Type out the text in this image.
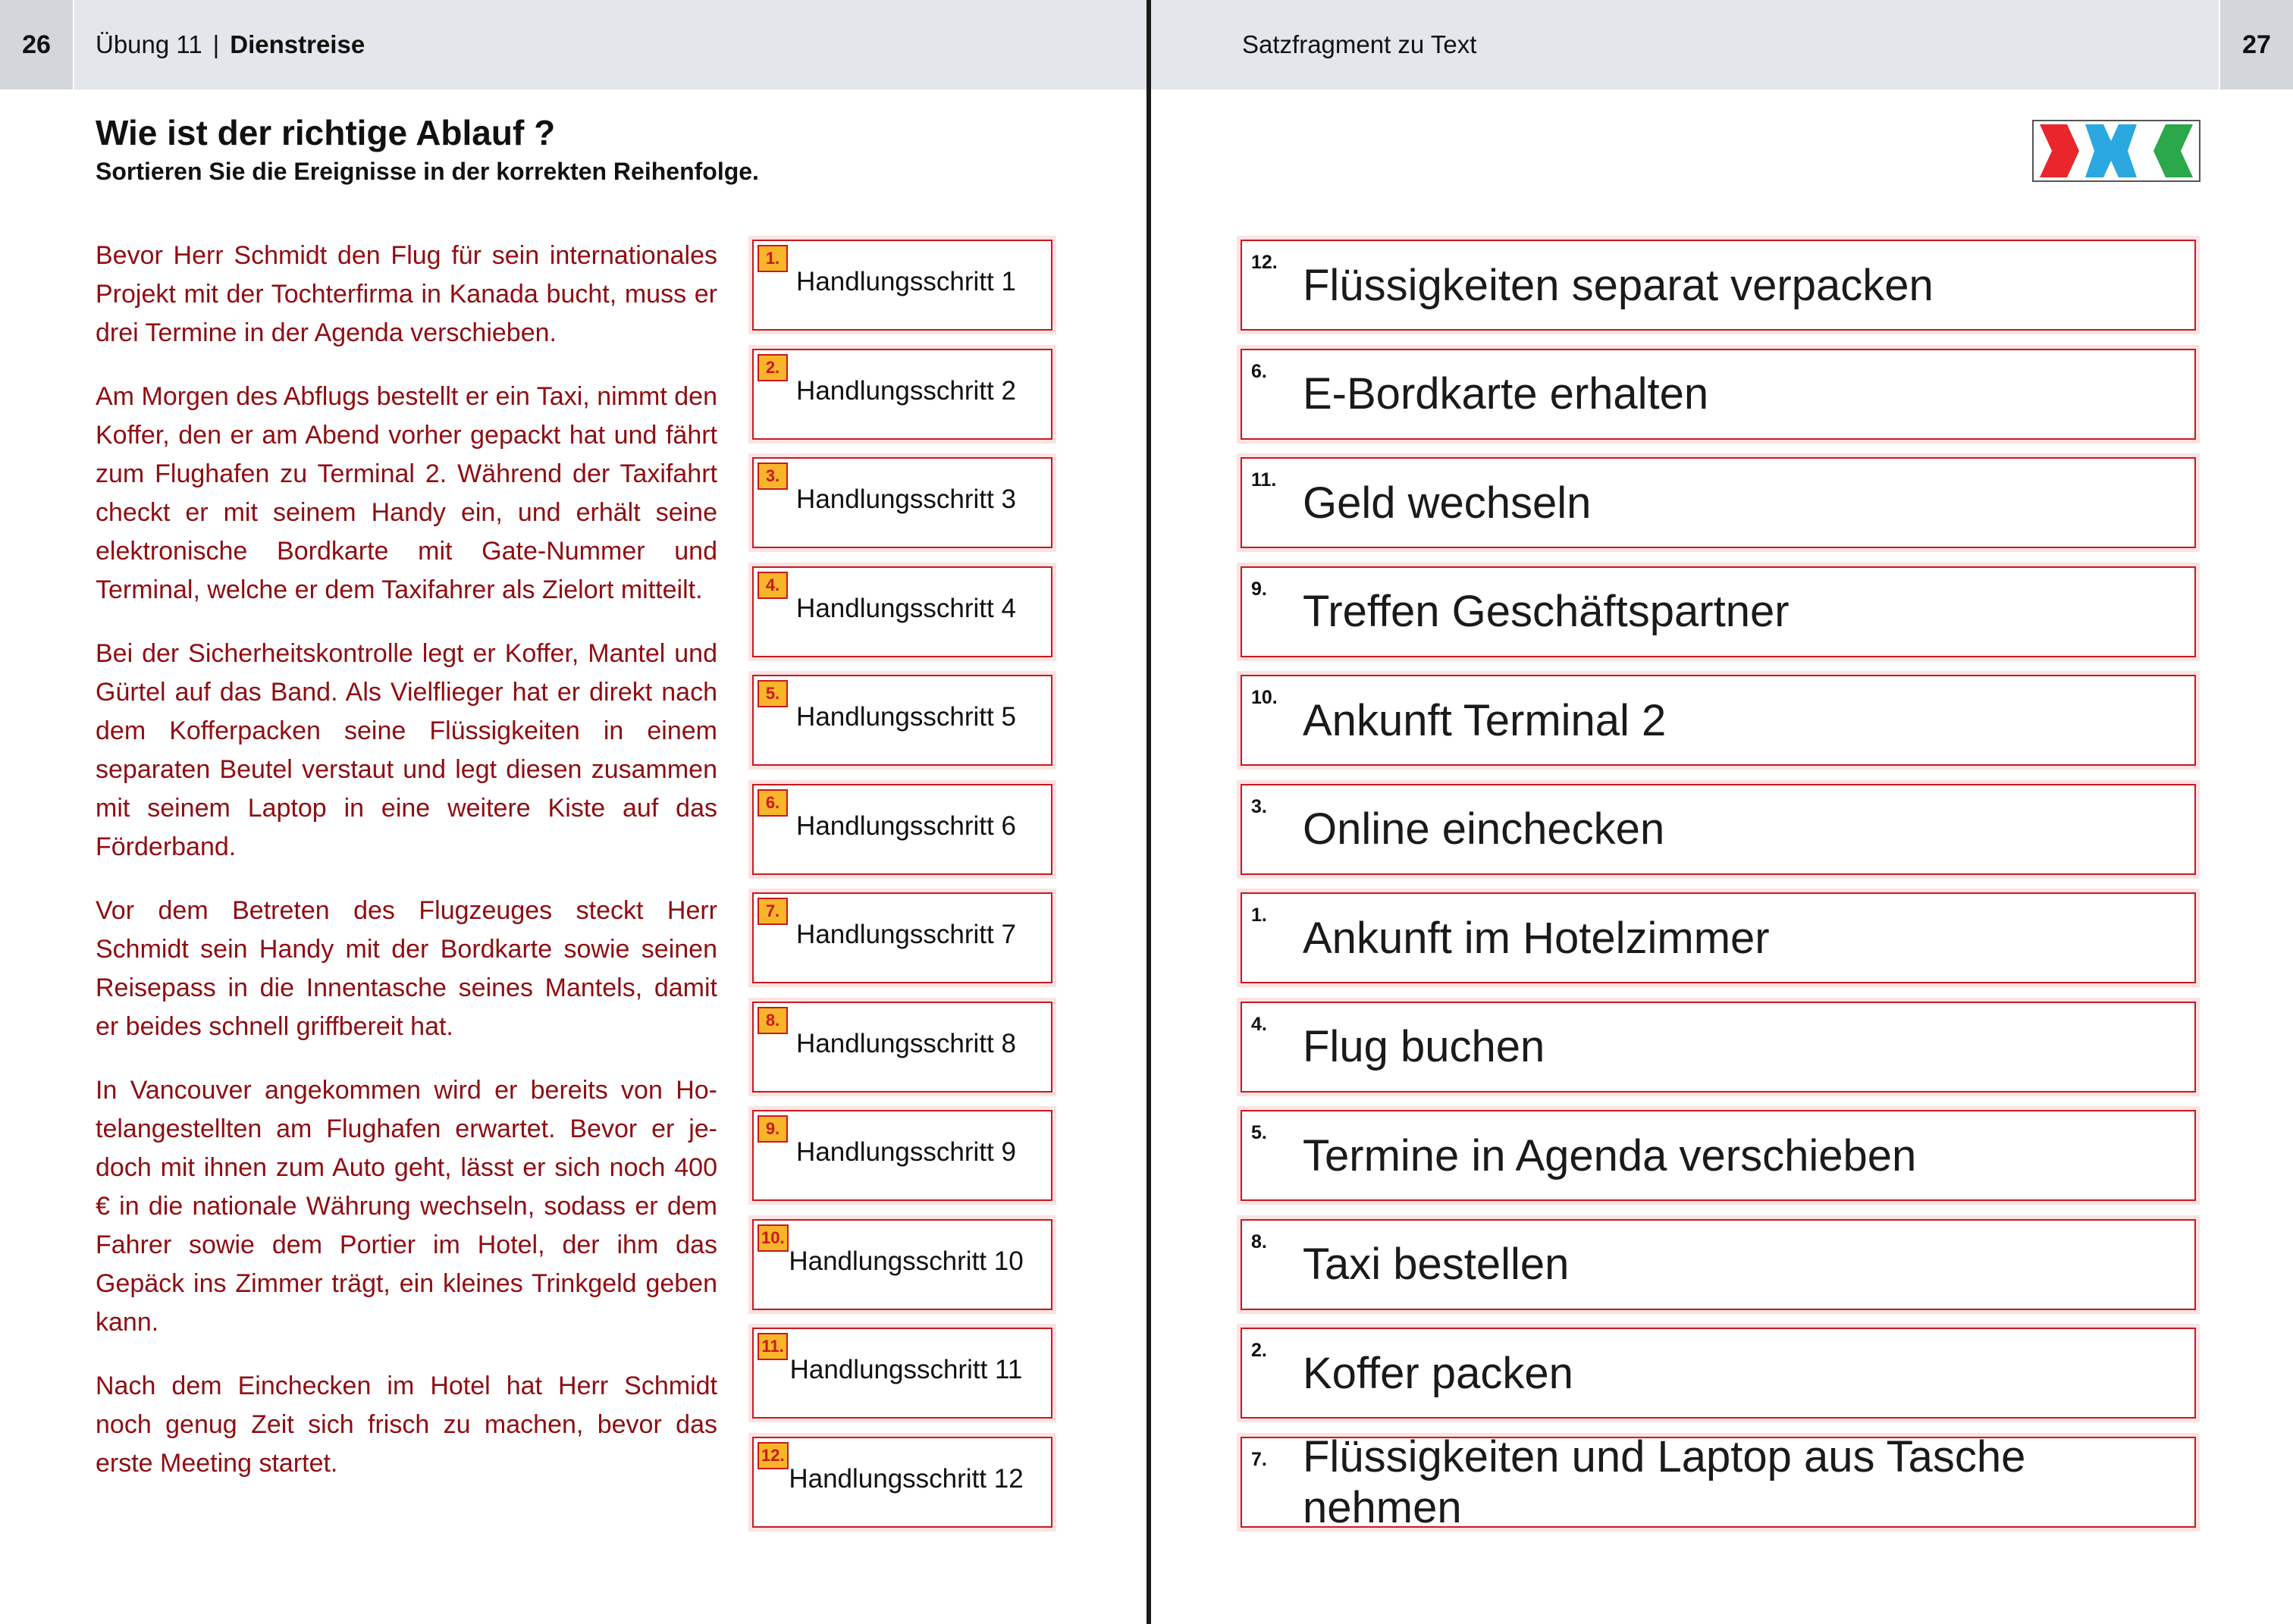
26	Übung 11 | Dienstreise
Wie ist der richtige Ablauf ?
Sortieren Sie die Ereignisse in der korrekten Reihenfolge.

Bevor Herr Schmidt den Flug für sein internationales Projekt mit der Tochterfirma in Kanada bucht, muss er drei Termine in der Agenda verschieben.

Am Morgen des Abflugs bestellt er ein Taxi, nimmt den Koffer, den er am Abend vorher gepackt hat und fährt zum Flughafen zu Terminal 2. Während der Taxifahrt checkt er mit seinem Handy ein, und erhält seine elektronische Bordkarte mit Gate-Nummer und Terminal, welche er dem Taxifahrer als Zielort mitteilt.

Bei der Sicherheitskontrolle legt er Koffer, Mantel und Gürtel auf das Band. Als Vielflieger hat er direkt nach dem Kofferpacken seine Flüssigkeiten in einem separaten Beutel verstaut und legt diesen zusammen mit seinem Laptop in eine weitere Kiste auf das Förderband.

Vor dem Betreten des Flugzeuges steckt Herr Schmidt sein Handy mit der Bordkarte sowie seinen Reisepass in die Innentasche seines Mantels, damit er beides schnell griffbereit hat.

In Vancouver angekommen wird er bereits von Hotelangestellten am Flughafen erwartet. Bevor er jedoch mit ihnen zum Auto geht, lässt er sich noch 400 € in die nationale Währung wechseln, sodass er dem Fahrer sowie dem Portier im Hotel, der ihm das Gepäck ins Zimmer trägt, ein kleines Trinkgeld geben kann.

Nach dem Einchecken im Hotel hat Herr Schmidt noch genug Zeit sich frisch zu machen, bevor das erste Meeting startet.

1.
Handlungsschritt 1
2.
Handlungsschritt 2
3.
Handlungsschritt 3
4.
Handlungsschritt 4
5.
Handlungsschritt 5
6.
Handlungsschritt 6
7.
Handlungsschritt 7
8.
Handlungsschritt 8
9.
Handlungsschritt 9
10.
Handlungsschritt 10
11.
Handlungsschritt 11
12.
Handlungsschritt 12
Satzfragment zu Text	27
12. Flüssigkeiten separat verpacken
6. E-Bordkarte erhalten
11. Geld wechseln
9. Treffen Geschäftspartner
10. Ankunft Terminal 2
3. Online einchecken
1. Ankunft im Hotelzimmer
4. Flug buchen
5. Termine in Agenda verschieben
8. Taxi bestellen
2. Koffer packen
7. Flüssigkeiten und Laptop aus Tasche nehmen
